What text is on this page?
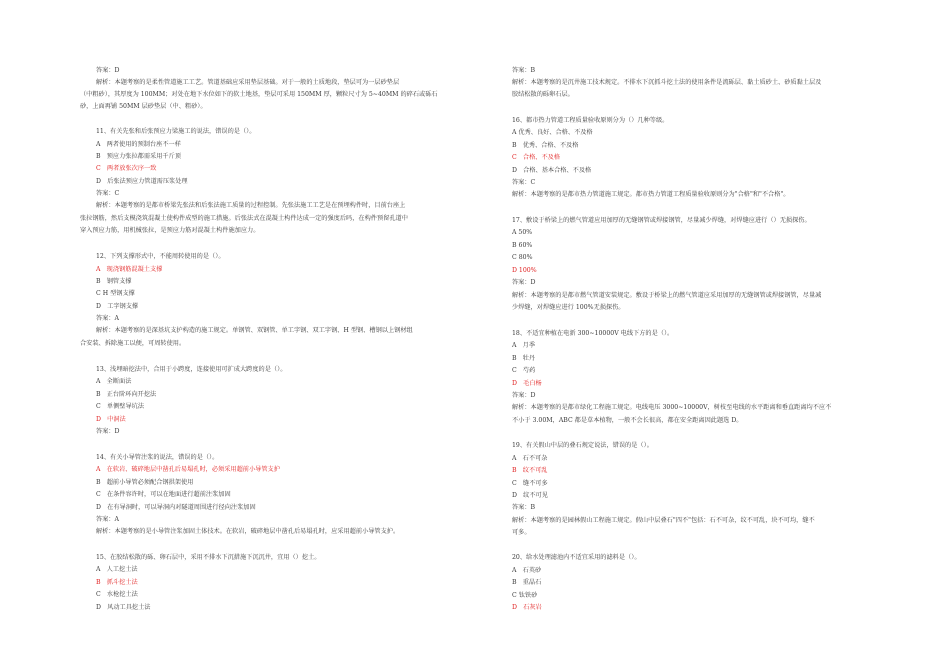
答案：D
解析：本题考察的是柔性管道施工工艺。管道基础应采用垫层基础。对于一般的土质地段，垫层可为一层砂垫层
（中粗砂），其厚度为 100MM；对处在地下水位如下的软土地基，垫层可采用 150MM 厚，颗粒尺寸为 5~40MM 的碎石或砾石
砂，上面再铺 50MM 层砂垫层（中、粗砂）。
11、有关先张和后张预应力梁施工的说法，错误的是（）。
A　两者使用的预制台座不一样
B　预应力张拉都需采用千斤顶
C　两者放张次序一致
D　后张法预应力管道需压浆处理
答案：C
解析：本题考察的是都市桥梁先张法和后张法施工质量的过程控制。先张法施工工艺是在预埋构件时，目前台座上
张拉钢筋，然后支模浇筑混凝土使构件成型的施工措施。后张法式在混凝土构件达成一定的强度后吗，在构件预留孔道中
穿入预应力筋，用机械张拉，是预应力筋对混凝土构件施加应力。
12、下列支撑形式中，不能周转使用的是（）。
A　现浇钢筋混凝土支撑
B　钢管支撑
C H 型钢支撑
D　工字钢支撑
答案：A
解析：本题考察的是深基坑支护构造的施工规定。单钢管、双钢管、单工字钢、双工字钢、H 型钢、槽钢以上钢材组
合安装、拆除施工以便，可周转使用。
13、浅埋暗挖法中，合用于小跨度，连接使用可扩成大跨度的是（）。
A　全断面法
B　正台阶环向开挖法
C　单侧壁导坑法
D　中洞法
答案：D
14、有关小导管注浆的说法，错误的是（）。
A　在软岩、破碎地层中凿孔后易塌孔时，必须采用超前小导管支护
B　超前小导管必须配合钢拱架使用
C　在条件容许时，可以在地面进行超前注浆加固
D　在有导洞时，可以导洞内对隧道周围进行径向注浆加固
答案：A
解析：本题考察的是小导管注浆加固土体技术。在软岩，破碎地层中凿孔后易塌孔时，应采用超前小导管支护。
15、在胶结松散的砾、卵石层中，采用不排水下沉措施下沉沉井，宜用（）挖土。
A　人工挖土法
B　抓斗挖土法
C　水枪挖土法
D　风动工具挖土法
答案：B
解析：本题考察的是沉井施工技术规定。不排水下沉抓斗挖土法的使用条件是流砾层、黏土质砂土、砂质黏土层及
胶结松散的砾卵石层。
16、都市热力管道工程质量验收原则分为（）几种等级。
A 优秀、良好、合格、不及格
B　优秀、合格、不及格
C　合格、不及格
D　合格、基本合格、不及格
答案：C
解析：本题考察的是都市热力管道施工规定。都市热力管道工程质量验收原则分为"合格"和"不合格"。
17、敷设于桥梁上的燃气管道应用加厚的无缝钢管或焊接钢管，尽量减少焊缝，对焊缝应进行（）无损探伤。
A 50%
B 60%
C 80%
D 100%
答案：D
解析：本题考察的是都市燃气管道安装规定。敷设于桥梁上的燃气管道应采用加厚的无缝钢管或焊接钢管，尽量减
少焊缝，对焊缝应进行 100%无损探伤。
18、不适宜种植在电新 300~10000V 电线下方的是（）。
A　月季
B　牡丹
C　芍药
D　毛白杨
答案：D
解析：本题考察的是都市绿化工程施工规定。电线电压 3000~10000V，树枝至电线的水平距离和垂直距离均不应不
不小于 3.00M，ABC 都是草本植物，一般不会长很高，都在安全距离因此题选 D。
19、有关假山中层的叠石规定说法，错误的是（）。
A　石不可杂
B　纹不可乱
C　缝不可多
D　纹不可见
答案：B
解析：本题考察的是园林假山工程施工规定。假山中层叠石"四不"包括：石不可杂，纹不可乱，块不可均，缝不
可多。
20、给水处理滤池内不适宜采用的滤料是（）。
A　石英砂
B　重晶石
C 钛铁砂
D　石灰岩
